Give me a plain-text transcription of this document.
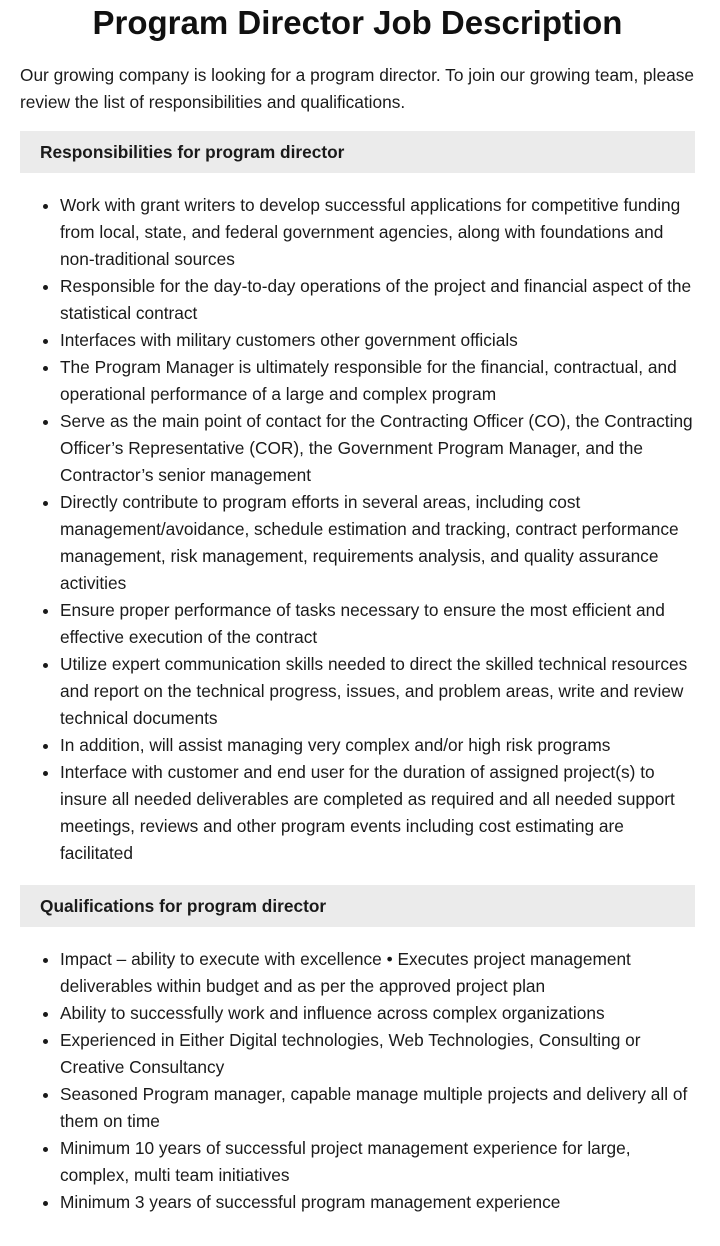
Program Director Job Description

Our growing company is looking for a program director. To join our growing team, please review the list of responsibilities and qualifications.

Responsibilities for program director
• Work with grant writers to develop successful applications for competitive funding from local, state, and federal government agencies, along with foundations and non-traditional sources
• Responsible for the day-to-day operations of the project and financial aspect of the statistical contract
• Interfaces with military customers other government officials
• The Program Manager is ultimately responsible for the financial, contractual, and operational performance of a large and complex program
• Serve as the main point of contact for the Contracting Officer (CO), the Contracting Officer’s Representative (COR), the Government Program Manager, and the Contractor’s senior management
• Directly contribute to program efforts in several areas, including cost management/avoidance, schedule estimation and tracking, contract performance management, risk management, requirements analysis, and quality assurance activities
• Ensure proper performance of tasks necessary to ensure the most efficient and effective execution of the contract
• Utilize expert communication skills needed to direct the skilled technical resources and report on the technical progress, issues, and problem areas, write and review technical documents
• In addition, will assist managing very complex and/or high risk programs
• Interface with customer and end user for the duration of assigned project(s) to insure all needed deliverables are completed as required and all needed support meetings, reviews and other program events including cost estimating are facilitated
Qualifications for program director
• Impact – ability to execute with excellence • Executes project management deliverables within budget and as per the approved project plan
• Ability to successfully work and influence across complex organizations
• Experienced in Either Digital technologies, Web Technologies, Consulting or Creative Consultancy
• Seasoned Program manager, capable manage multiple projects and delivery all of them on time
• Minimum 10 years of successful project management experience for large, complex, multi team initiatives
• Minimum 3 years of successful program management experience
